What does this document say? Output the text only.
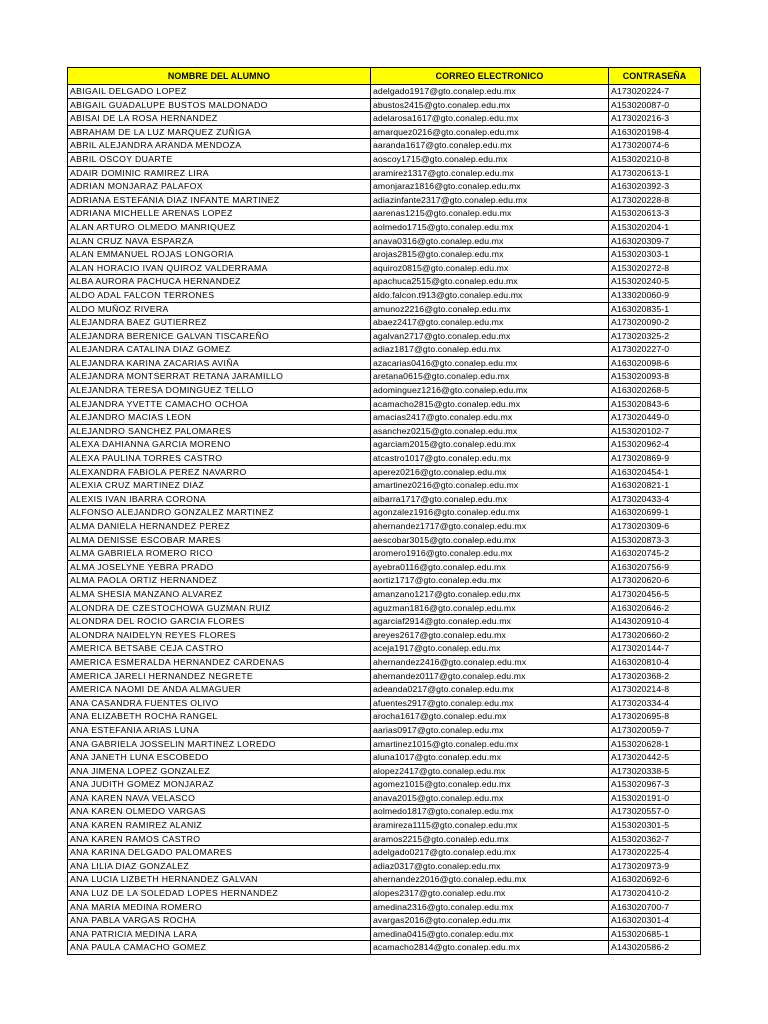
NOMBRE DEL ALUMNO	CORREO ELECTRONICO	CONTRASEÑA
ABIGAIL DELGADO LOPEZ	adelgado1917@gto.conalep.edu.mx	A173020224-7
ABIGAIL GUADALUPE BUSTOS MALDONADO	abustos2415@gto.conalep.edu.mx	A153020087-0
ABISAI DE LA ROSA HERNANDEZ	adelarosa1617@gto.conalep.edu.mx	A173020216-3
ABRAHAM DE LA LUZ MARQUEZ ZUÑIGA	amarquez0216@gto.conalep.edu.mx	A163020198-4
ABRIL ALEJANDRA ARANDA MENDOZA	aaranda1617@gto.conalep.edu.mx	A173020074-6
ABRIL OSCOY DUARTE	aoscoy1715@gto.conalep.edu.mx	A153020210-8
ADAIR DOMINIC RAMIREZ LIRA	aramirez1317@gto.conalep.edu.mx	A173020613-1
ADRIAN MONJARAZ PALAFOX	amonjaraz1816@gto.conalep.edu.mx	A163020392-3
ADRIANA ESTEFANIA DIAZ INFANTE MARTINEZ	adiazinfante2317@gto.conalep.edu.mx	A173020228-8
ADRIANA MICHELLE ARENAS LOPEZ	aarenas1215@gto.conalep.edu.mx	A153020613-3
ALAN ARTURO OLMEDO MANRIQUEZ	aolmedo1715@gto.conalep.edu.mx	A153020204-1
ALAN CRUZ NAVA ESPARZA	anava0316@gto.conalep.edu.mx	A163020309-7
ALAN EMMANUEL ROJAS LONGORIA	arojas2815@gto.conalep.edu.mx	A153020303-1
ALAN HORACIO IVAN QUIROZ VALDERRAMA	aquiroz0815@gto.conalep.edu.mx	A153020272-8
ALBA AURORA PACHUCA HERNANDEZ	apachuca2515@gto.conalep.edu.mx	A153020240-5
ALDO ADAL FALCON TERRONES	aldo.falcon.t913@gto.conalep.edu.mx	A133020060-9
ALDO MUÑOZ RIVERA	amunoz2216@gto.conalep.edu.mx	A163020835-1
ALEJANDRA BAEZ GUTIERREZ	abaez2417@gto.conalep.edu.mx	A173020090-2
ALEJANDRA BERENICE GALVAN TISCAREÑO	agalvan2717@gto.conalep.edu.mx	A173020325-2
ALEJANDRA CATALINA DIAZ GOMEZ	adiaz1817@gto.conalep.edu.mx	A173020227-0
ALEJANDRA KARINA ZACARIAS AVIÑA	azacarias0416@gto.conalep.edu.mx	A163020098-6
ALEJANDRA MONTSERRAT RETANA JARAMILLO	aretana0615@gto.conalep.edu.mx	A153020093-8
ALEJANDRA TERESA DOMINGUEZ TELLO	adominguez1216@gto.conalep.edu.mx	A163020268-5
ALEJANDRA YVETTE CAMACHO OCHOA	acamacho2815@gto.conalep.edu.mx	A153020843-6
ALEJANDRO MACIAS LEON	amacias2417@gto.conalep.edu.mx	A173020449-0
ALEJANDRO SANCHEZ PALOMARES	asanchez0215@gto.conalep.edu.mx	A153020102-7
ALEXA DAHIANNA GARCIA MORENO	agarciam2015@gto.conalep.edu.mx	A153020962-4
ALEXA PAULINA TORRES CASTRO	atcastro1017@gto.conalep.edu.mx	A173020869-9
ALEXANDRA FABIOLA PEREZ NAVARRO	aperez0216@gto.conalep.edu.mx	A163020454-1
ALEXIA CRUZ MARTINEZ DIAZ	amartinez0216@gto.conalep.edu.mx	A163020821-1
ALEXIS IVAN IBARRA CORONA	aibarra1717@gto.conalep.edu.mx	A173020433-4
ALFONSO ALEJANDRO GONZALEZ MARTINEZ	agonzalez1916@gto.conalep.edu.mx	A163020699-1
ALMA DANIELA HERNANDEZ PEREZ	ahernandez1717@gto.conalep.edu.mx	A173020309-6
ALMA DENISSE ESCOBAR MARES	aescobar3015@gto.conalep.edu.mx	A153020873-3
ALMA GABRIELA ROMERO RICO	aromero1916@gto.conalep.edu.mx	A163020745-2
ALMA JOSELYNE YEBRA PRADO	ayebra0116@gto.conalep.edu.mx	A163020756-9
ALMA PAOLA ORTIZ HERNANDEZ	aortiz1717@gto.conalep.edu.mx	A173020620-6
ALMA SHESIA MANZANO ALVAREZ	amanzano1217@gto.conalep.edu.mx	A173020456-5
ALONDRA DE CZESTOCHOWA GUZMAN RUIZ	aguzman1816@gto.conalep.edu.mx	A163020646-2
ALONDRA DEL ROCIO GARCIA FLORES	agarciaf2914@gto.conalep.edu.mx	A143020910-4
ALONDRA NAIDELYN REYES FLORES	areyes2617@gto.conalep.edu.mx	A173020660-2
AMERICA BETSABE CEJA CASTRO	aceja1917@gto.conalep.edu.mx	A173020144-7
AMERICA ESMERALDA HERNANDEZ CARDENAS	ahernandez2416@gto.conalep.edu.mx	A163020810-4
AMERICA JARELI HERNANDEZ NEGRETE	ahernandez0117@gto.conalep.edu.mx	A173020368-2
AMERICA NAOMI DE ANDA ALMAGUER	adeanda0217@gto.conalep.edu.mx	A173020214-8
ANA CASANDRA FUENTES OLIVO	afuentes2917@gto.conalep.edu.mx	A173020334-4
ANA ELIZABETH ROCHA RANGEL	arocha1617@gto.conalep.edu.mx	A173020695-8
ANA ESTEFANIA ARIAS LUNA	aarias0917@gto.conalep.edu.mx	A173020059-7
ANA GABRIELA JOSSELIN MARTINEZ LOREDO	amartinez1015@gto.conalep.edu.mx	A153020628-1
ANA JANETH LUNA ESCOBEDO	aluna1017@gto.conalep.edu.mx	A173020442-5
ANA JIMENA LOPEZ GONZALEZ	alopez2417@gto.conalep.edu.mx	A173020338-5
ANA JUDITH GOMEZ MONJARAZ	agomez1015@gto.conalep.edu.mx	A153020967-3
ANA KAREN NAVA VELASCO	anava2015@gto.conalep.edu.mx	A153020191-0
ANA KAREN OLMEDO VARGAS	aolmedo1817@gto.conalep.edu.mx	A173020557-0
ANA KAREN RAMIREZ ALANIZ	aramireza1115@gto.conalep.edu.mx	A153020301-5
ANA KAREN RAMOS CASTRO	aramos2215@gto.conalep.edu.mx	A153020362-7
ANA KARINA DELGADO PALOMARES	adelgado0217@gto.conalep.edu.mx	A173020225-4
ANA LILIA DIAZ GONZALEZ	adiaz0317@gto.conalep.edu.mx	A173020973-9
ANA LUCIA LIZBETH HERNANDEZ GALVAN	ahernandez2016@gto.conalep.edu.mx	A163020692-6
ANA LUZ DE LA SOLEDAD LOPES HERNANDEZ	alopes2317@gto.conalep.edu.mx	A173020410-2
ANA MARIA MEDINA ROMERO	amedina2316@gto.conalep.edu.mx	A163020700-7
ANA PABLA VARGAS ROCHA	avargas2016@gto.conalep.edu.mx	A163020301-4
ANA PATRICIA MEDINA LARA	amedina0415@gto.conalep.edu.mx	A153020685-1
ANA PAULA CAMACHO GOMEZ	acamacho2814@gto.conalep.edu.mx	A143020586-2
